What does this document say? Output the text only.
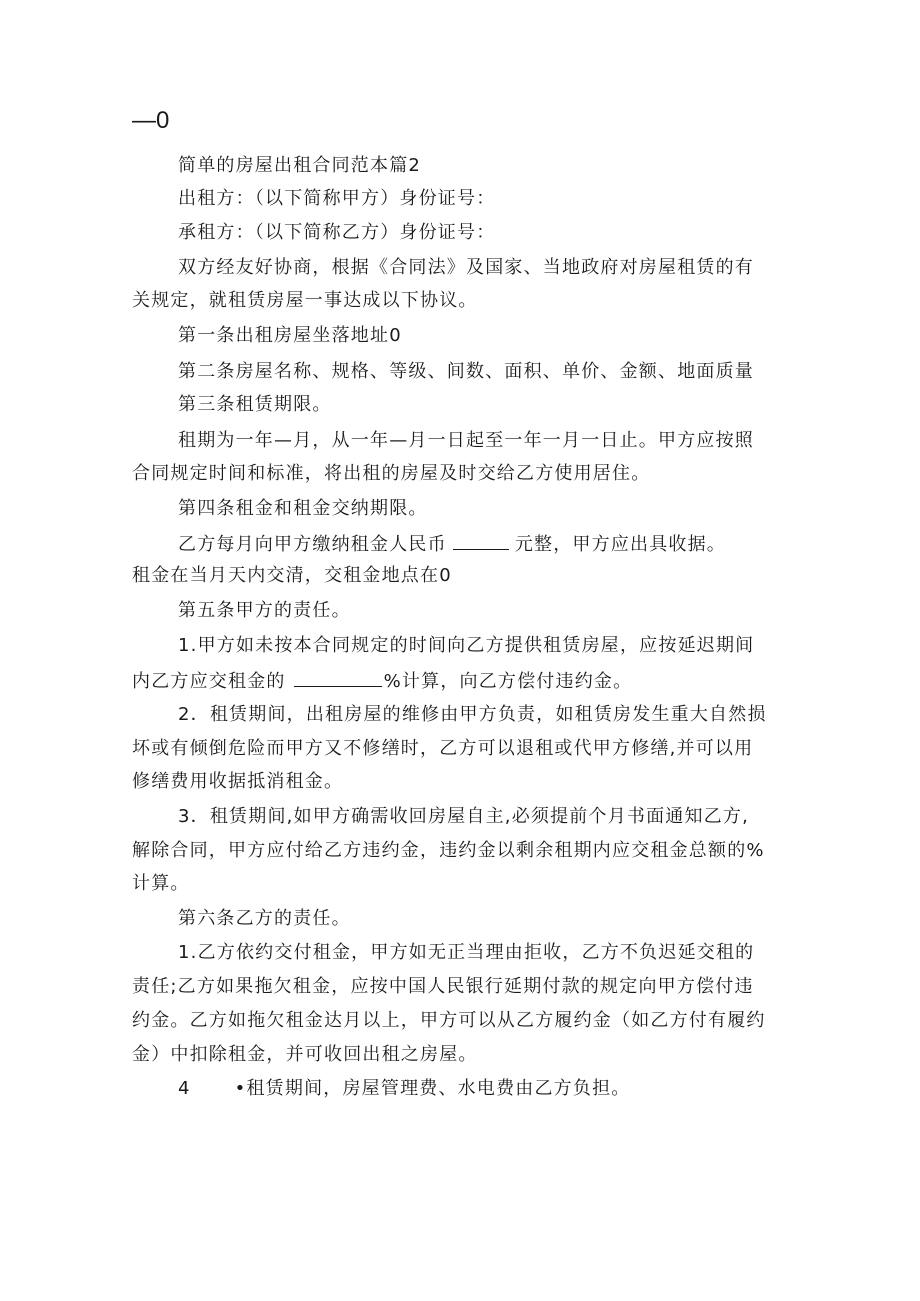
—0
简单的房屋出租合同范本篇2
出租方：（以下简称甲方）身份证号：
承租方：（以下简称乙方）身份证号：
双方经友好协商，根据《合同法》及国家、当地政府对房屋租赁的有
关规定，就租赁房屋一事达成以下协议。
第一条出租房屋坐落地址0
第二条房屋名称、规格、等级、间数、面积、单价、金额、地面质量
第三条租赁期限。
租期为一年—月，从一年—月一日起至一年一月一日止。甲方应按照
合同规定时间和标准，将出租的房屋及时交给乙方使用居住。
第四条租金和租金交纳期限。
乙方每月向甲方缴纳租金人民币	元整，甲方应出具收据。
租金在当月天内交清，交租金地点在0
第五条甲方的责任。
1.甲方如未按本合同规定的时间向乙方提供租赁房屋，应按延迟期间
内乙方应交租金的	%计算，向乙方偿付违约金。
2．租赁期间，出租房屋的维修由甲方负责，如租赁房发生重大自然损
坏或有倾倒危险而甲方又不修缮时，乙方可以退租或代甲方修缮,并可以用
修缮费用收据抵消租金。
3．租赁期间,如甲方确需收回房屋自主,必须提前个月书面通知乙方,
解除合同，甲方应付给乙方违约金，违约金以剩余租期内应交租金总额的%
计算。
第六条乙方的责任。
1.乙方依约交付租金，甲方如无正当理由拒收，乙方不负迟延交租的
责任;乙方如果拖欠租金，应按中国人民银行延期付款的规定向甲方偿付违
约金。乙方如拖欠租金达月以上，甲方可以从乙方履约金（如乙方付有履约
金）中扣除租金，并可收回出租之房屋。
4 •租赁期间，房屋管理费、水电费由乙方负担。
